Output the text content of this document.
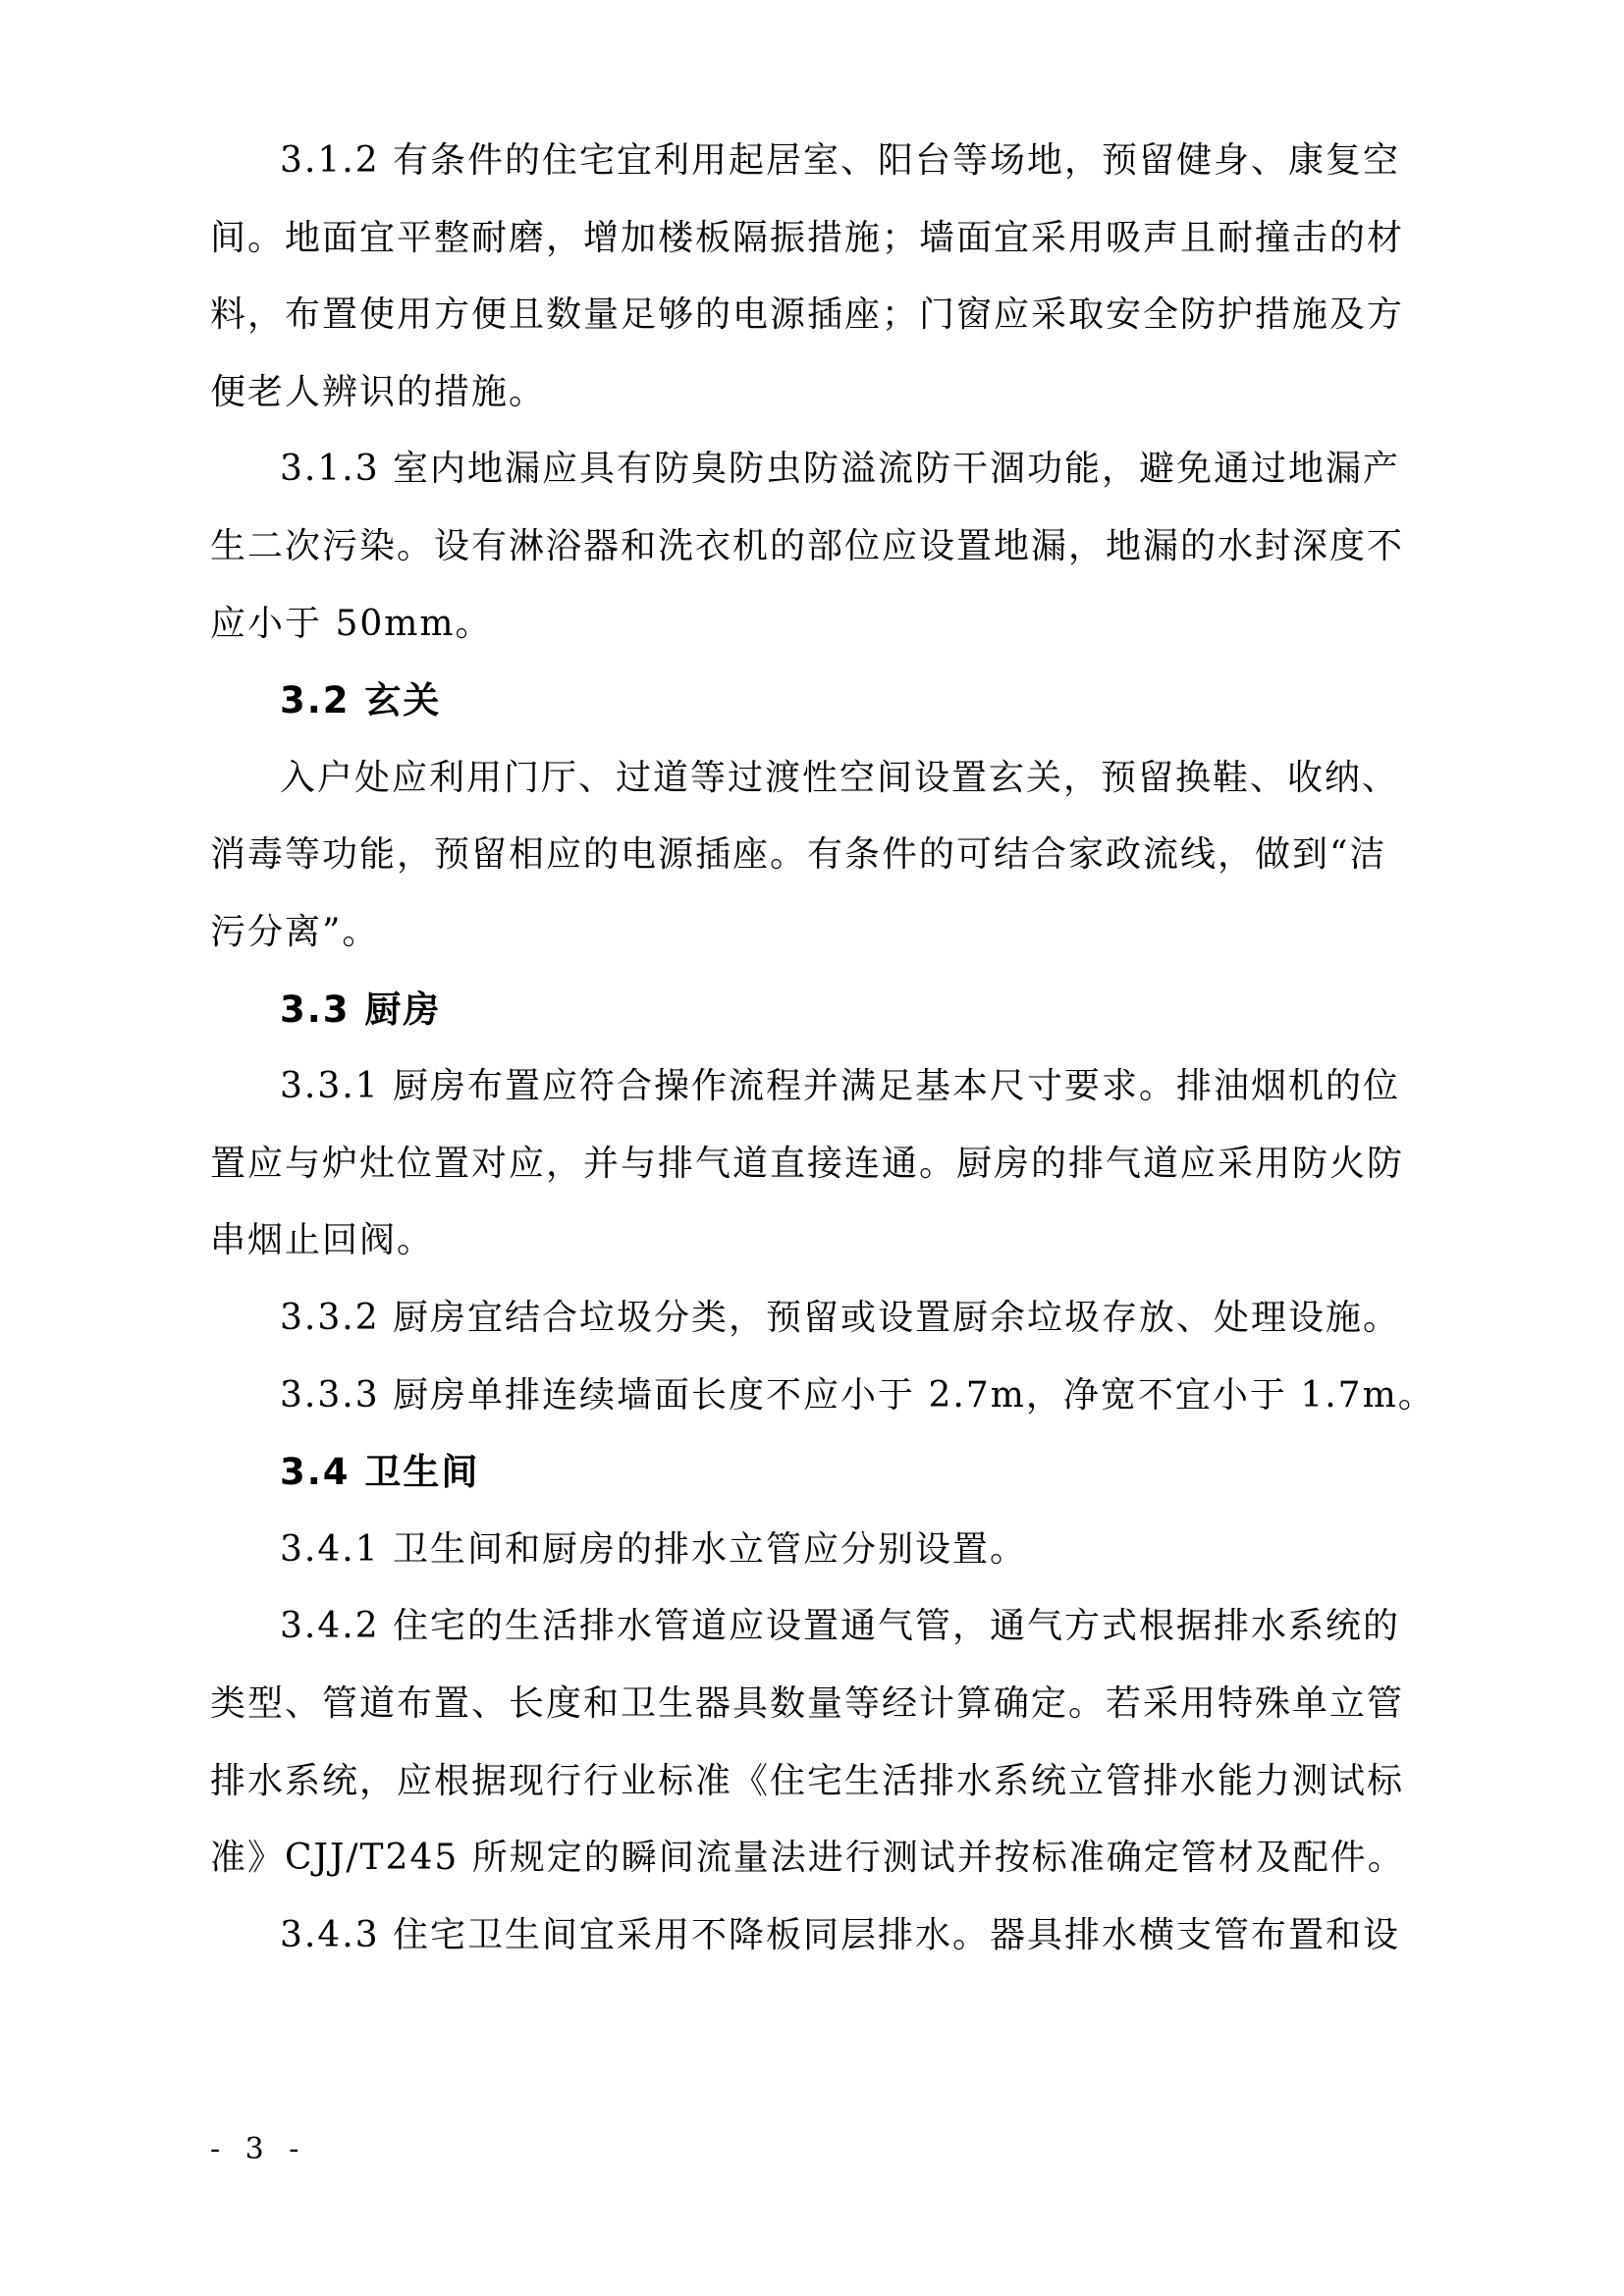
3.1.2 有条件的住宅宜利用起居室、阳台等场地，预留健身、康复空
间。地面宜平整耐磨，增加楼板隔振措施；墙面宜采用吸声且耐撞击的材
料，布置使用方便且数量足够的电源插座；门窗应采取安全防护措施及方
便老人辨识的措施。
3.1.3 室内地漏应具有防臭防虫防溢流防干涸功能，避免通过地漏产
生二次污染。设有淋浴器和洗衣机的部位应设置地漏，地漏的水封深度不
应小于 50mm。
3.2 玄关
入户处应利用门厅、过道等过渡性空间设置玄关，预留换鞋、收纳、
消毒等功能，预留相应的电源插座。有条件的可结合家政流线，做到“洁
污分离”。
3.3 厨房
3.3.1 厨房布置应符合操作流程并满足基本尺寸要求。排油烟机的位
置应与炉灶位置对应，并与排气道直接连通。厨房的排气道应采用防火防
串烟止回阀。
3.3.2 厨房宜结合垃圾分类，预留或设置厨余垃圾存放、处理设施。
3.3.3 厨房单排连续墙面长度不应小于 2.7m，净宽不宜小于 1.7m。
3.4 卫生间
3.4.1 卫生间和厨房的排水立管应分别设置。
3.4.2 住宅的生活排水管道应设置通气管，通气方式根据排水系统的
类型、管道布置、长度和卫生器具数量等经计算确定。若采用特殊单立管
排水系统，应根据现行行业标准《住宅生活排水系统立管排水能力测试标
准》CJJ/T245 所规定的瞬间流量法进行测试并按标准确定管材及配件。
3.4.3 住宅卫生间宜采用不降板同层排水。器具排水横支管布置和设
- 3 -
